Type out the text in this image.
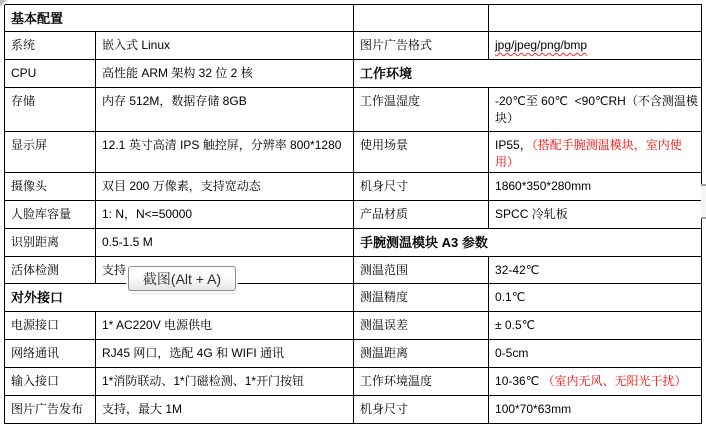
基本配置			
系统	嵌入式 Linux	图片广告格式	jpg/jpeg/png/bmp
CPU	高性能 ARM 架构 32 位 2 核	工作环境	
存储	内存 512M，数据存储 8GB	工作温湿度	-20℃至 60℃  <90℃RH（不含测温模块）
显示屏	12.1 英寸高清 IPS 触控屏，分辨率 800*1280	使用场景	IP55，（搭配手腕测温模块，室内使用）
摄像头	双目 200 万像素，支持宽动态	机身尺寸	1860*350*280mm
人脸库容量	1: N，N<=50000	产品材质	SPCC 冷轧板
识别距离	0.5-1.5 M	手腕测温模块 A3 参数	
活体检测	支持	测温范围	32-42℃
对外接口		测温精度	0.1℃
电源接口	1* AC220V 电源供电	测温误差	± 0.5℃
网络通讯	RJ45 网口，选配 4G 和 WIFI 通讯	测温距离	0-5cm
输入接口	1*消防联动、1*门磁检测、1*开门按钮	工作环境温度	10-36℃ （室内无风、无阳光干扰）
图片广告发布	支持，最大 1M	机身尺寸	100*70*63mm
截图(Alt + A)
